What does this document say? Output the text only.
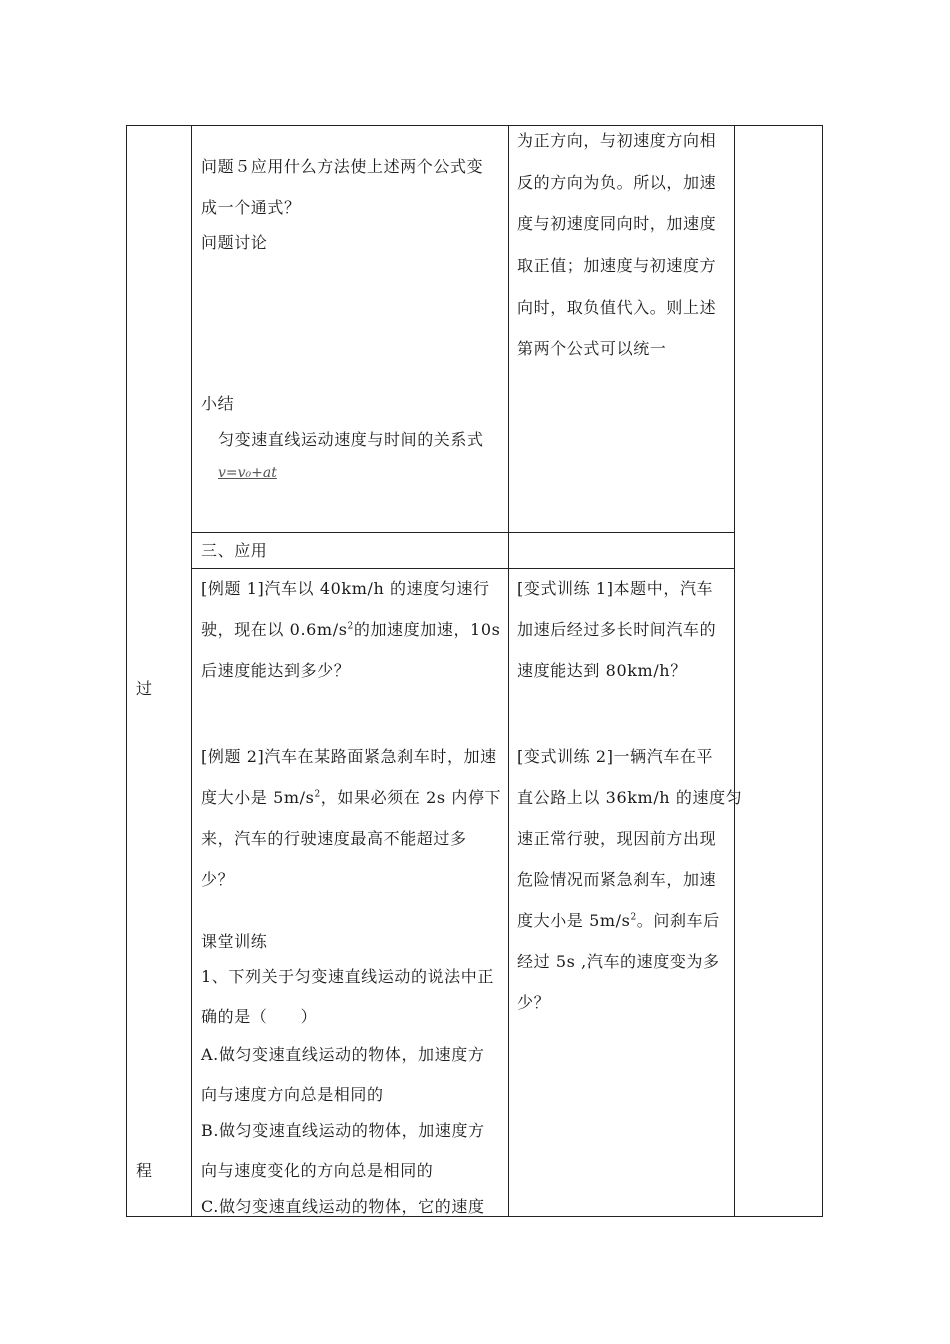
过
程
问题５应用什么方法使上述两个公式变
成一个通式？
问题讨论
小结
匀变速直线运动速度与时间的关系式
v=v₀+at
为正方向，与初速度方向相
反的方向为负。所以，加速
度与初速度同向时，加速度
取正值；加速度与初速度方
向时，取负值代入。则上述
第两个公式可以统一
三、应用
[例题 1]汽车以 40km/h 的速度匀速行
驶，现在以 $0.6m/s^2$的加速度加速，10s
后速度能达到多少？
[变式训练 1]本题中，汽车
加速后经过多长时间汽车的
速度能达到 80km/h？
[例题 2]汽车在某路面紧急刹车时，加速
度大小是 $5m/s^2$，如果必须在 2s 内停下
来，汽车的行驶速度最高不能超过多
少？
[变式训练 2]一辆汽车在平
直公路上以 36km/h 的速度匀
速正常行驶，现因前方出现
危险情况而紧急刹车，加速
度大小是 $5m/s^2$。问刹车后
经过 5s ,汽车的速度变为多
少？
课堂训练
1、下列关于匀变速直线运动的说法中正
确的是（　　）
A.做匀变速直线运动的物体，加速度方
向与速度方向总是相同的
B.做匀变速直线运动的物体，加速度方
向与速度变化的方向总是相同的
C.做匀变速直线运动的物体，它的速度
